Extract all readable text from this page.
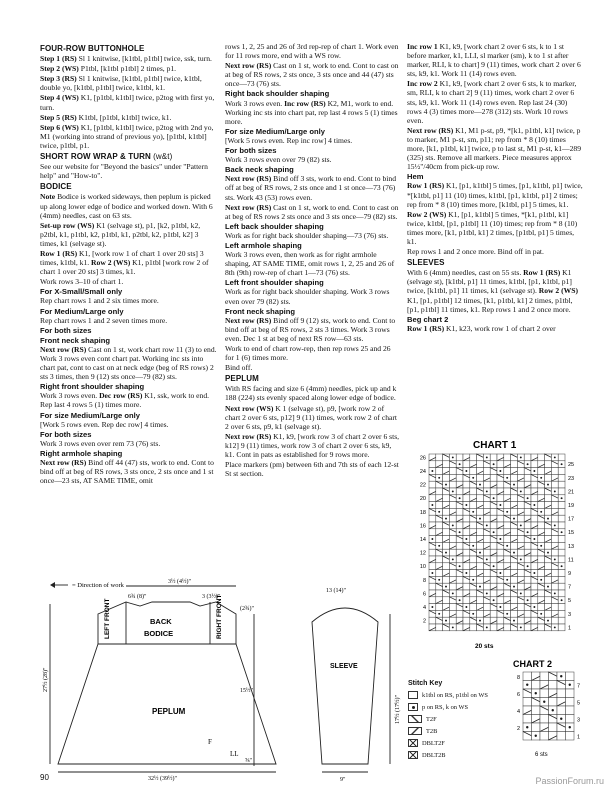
FOUR-ROW BUTTONHOLE
Step 1 (RS) Sl 1 knitwise, [k1tbl, p1tbl] twice, ssk, turn.
Step 2 (WS) P1tbl, [k1tbl p1tbl] 2 times, p1.
Step 3 (RS) Sl 1 knitwise, [k1tbl, p1tbl] twice, k1tbl, double yo, [k1tbl, p1tbl] twice, k1tbl, k1.
Step 4 (WS) K1, [p1tbl, k1tbl] twice, p2tog with first yo, turn.
Step 5 (RS) K1tbl, [p1tbl, k1tbl] twice, k1.
Step 6 (WS) K1, [p1tbl, k1tbl] twice, p2tog with 2nd yo, M1 (working into strand of previous yo), [p1tbl, k1tbl] twice, p1tbl, p1.
SHORT ROW WRAP & TURN (w&t)
See our website for "Beyond the basics" under "Pattern help" and "How-to".
BODICE
Note Bodice is worked sideways, then peplum is picked up along lower edge of bodice and worked down. With 6 (4mm) needles, cast on 63 sts.
Set-up row (WS) K1 (selvage st), p1, [k2, p1tbl, k2, p2tbl, k1, p1tbl, k2, p1tbl, k1, p2tbl, k2, p1tbl, k2] 3 times, k1 (selvage st).
Row 1 (RS) K1, [work row 1 of chart 1 over 20 sts] 3 times, k1tbl, k1. Row 2 (WS) K1, p1tbl [work row 2 of chart 1 over 20 sts] 3 times, k1.
Work rows 3–10 of chart 1.
For X-Small/Small only
Rep chart rows 1 and 2 six times more.
For Medium/Large only
Rep chart rows 1 and 2 seven times more.
For both sizes
Front neck shaping
Next row (RS) Cast on 1 st, work chart row 11 (3) to end. Work 3 rows even cont chart pat. Working inc sts into chart pat, cont to cast on at neck edge (beg of RS rows) 2 sts 3 times, then 9 (12) sts once—79 (82) sts.
Right front shoulder shaping
Work 3 rows even. Dec row (RS) K1, ssk, work to end. Rep last 4 rows 5 (1) times more.
For size Medium/Large only
[Work 5 rows even. Rep dec row] 4 times.
For both sizes
Work 3 rows even over rem 73 (76) sts.
Right armhole shaping
Next row (RS) Bind off 44 (47) sts, work to end. Cont to bind off at beg of RS rows, 3 sts once, 2 sts once and 1 st once—23 sts, AT SAME TIME, omit
rows 1, 2, 25 and 26 of 3rd rep-rep of chart 1. Work even for 11 rows more, end with a WS row.
Next row (RS) Cast on 1 st, work to end. Cont to cast on at beg of RS rows, 2 sts once, 3 sts once and 44 (47) sts once—73 (76) sts.
Right back shoulder shaping
Work 3 rows even. Inc row (RS) K2, M1, work to end. Working inc sts into chart pat, rep last 4 rows 5 (1) times more.
For size Medium/Large only
[Work 5 rows even. Rep inc row] 4 times.
For both sizes
Work 3 rows even over 79 (82) sts.
Back neck shaping
Next row (RS) Bind off 3 sts, work to end. Cont to bind off at beg of RS rows, 2 sts once and 1 st once—73 (76) sts. Work 43 (53) rows even.
Next row (RS) Cast on 1 st, work to end. Cont to cast on at beg of RS rows 2 sts once and 3 sts once—79 (82) sts.
Left back shoulder shaping
Work as for right back shoulder shaping—73 (76) sts.
Left armhole shaping
Work 3 rows even, then work as for right armhole shaping, AT SAME TIME, omit rows 1, 2, 25 and 26 of 8th (9th) row-rep of chart 1—73 (76) sts.
Left front shoulder shaping
Work as for right back shoulder shaping. Work 3 rows even over 79 (82) sts.
Front neck shaping
Next row (RS) Bind off 9 (12) sts, work to end. Cont to bind off at beg of RS rows, 2 sts 3 times. Work 3 rows even. Dec 1 st at beg of next RS row—63 sts.
Work to end of chart row-rep, then rep rows 25 and 26 for 1 (6) times more.
Bind off.
PEPLUM
With RS facing and size 6 (4mm) needles, pick up and k 188 (224) sts evenly spaced along lower edge of bodice.
Next row (WS) K 1 (selvage st), p9, [work row 2 of chart 2 over 6 sts, p12] 9 (11) times, work row 2 of chart 2 over 6 sts, p9, k1 (selvage st).
Next row (RS) K1, k9, [work row 3 of chart 2 over 6 sts, k12] 9 (11) times, work row 3 of chart 2 over 6 sts, k9, k1. Cont in pats as established for 9 rows more.
Place markers (pm) between 6th and 7th sts of each 12-st St st section.
Inc row 1 K1, k9, [work chart 2 over 6 sts, k to 1 st before marker, k1, LLI, sl marker (sm), k to 1 st after marker, RLI, k to chart] 9 (11) times, work chart 2 over 6 sts, k9, k1. Work 11 (14) rows even.
Inc row 2 K1, k9, [work chart 2 over 6 sts, k to marker, sm, RLI, k to chart 2] 9 (11) times, work chart 2 over 6 sts, k9, k1. Work 11 (14) rows even. Rep last 24 (30) rows 4 (3) times more—278 (312) sts. Work 10 rows even.
Next row (RS) K1, M1 p-st, p9, *[k1, p1tbl, k1] twice, p to marker, M1 p-st, sm, p11; rep from * 8 (10) times more, [k1, p1tbl, k1] twice, p to last st, M1 p-st, k1—289 (325) sts. Remove all markers. Piece measures approx 15½"/40cm from pick-up row.
Hem
Row 1 (RS) K1, [p1, k1tbl] 5 times, [p1, k1tbl, p1] twice, *[k1tbl, p1] 11 (10) times, k1tbl, [p1, k1tbl, p1] 2 times; rep from * 8 (10) times more, [k1tbl, p1] 5 times, k1.
Row 2 (WS) K1, [p1, k1tbl] 5 times, *[k1, p1tbl, k1] twice, k1tbl, [p1, p1tbl] 11 (10) times; rep from * 8 (10) times more, [k1, p1tbl, k1] 2 times, [p1tbl, p1] 5 times, k1.
Rep rows 1 and 2 once more. Bind off in pat.
SLEEVES
With 6 (4mm) needles, cast on 55 sts. Row 1 (RS) K1 (selvage st), [k1tbl, p1] 11 times, k1tbl, [p1, k1tbl, p1] twice, [k1tbl, p1] 11 times, k1 (selvage st). Row 2 (WS) K1, [p1, p1tbl] 12 times, [k1, p1tbl, k1] 2 times, p1tbl, [p1, p1tbl] 11 times, k1. Rep rows 1 and 2 once more.
Beg chart 2
Row 1 (RS) K1, k23, work row 1 of chart 2 over
= Direction of work	3½ (4½)"
6¾ (8)"	3 (3½)"
LEFT FRONT	BACK
BODICE	RIGHT FRONT
PEPLUM
27½ (28)"
(2¾)"
15½"
⅝"
32½ (39½)"
13 (14)"
SLEEVE
17½ (17½)"
9"
F
LL
CHART 1
26
24
22
20
18
16
14
12
10
8
6
4
2
25
23
21
19
17
15
13
11
9
7
5
3
1
20 sts
Stitch Key
k1tbl on RS, p1tbl on WS
p on RS, k on WS
T2F
T2B
DBLT2F
DBLT2B
CHART 2
8
6
4
2
7
5
3
1
6 sts
90	PassionForum.ru
